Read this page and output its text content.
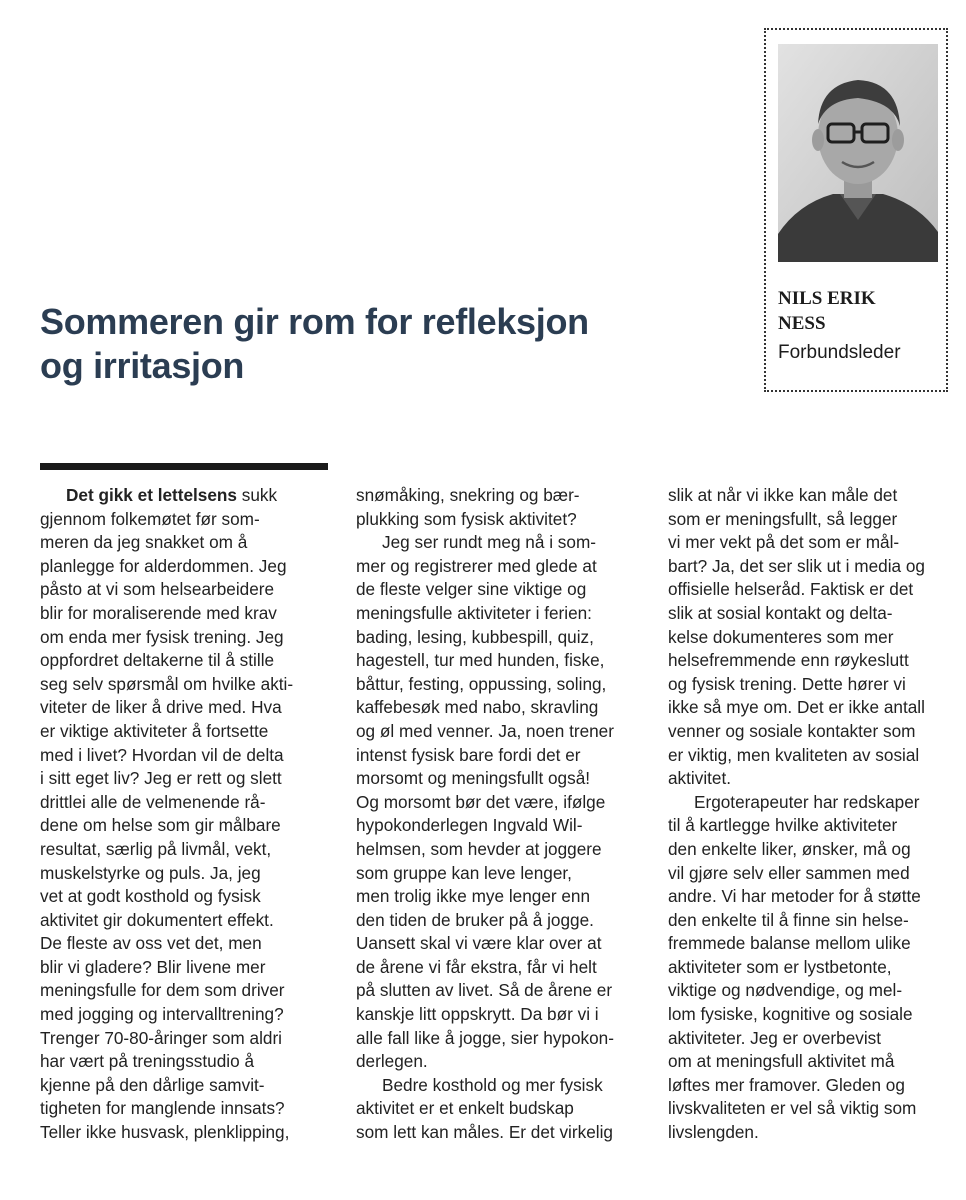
Sommeren gir rom for refleksjon
og irritasjon

NILS ERIK
NESS

Forbundsleder

Det gikk et lettelsens sukk
gjennom folkemøtet før som-
meren da jeg snakket om å
planlegge for alderdommen. Jeg
påsto at vi som helsearbeidere
blir for moraliserende med krav
om enda mer fysisk trening. Jeg
oppfordret deltakerne til å stille
seg selv spørsmål om hvilke akti-
viteter de liker å drive med. Hva
er viktige aktiviteter å fortsette
med i livet? Hvordan vil de delta
i sitt eget liv? Jeg er rett og slett
drittlei alle de velmenende rå-
dene om helse som gir målbare
resultat, særlig på livmål, vekt,
muskelstyrke og puls. Ja, jeg
vet at godt kosthold og fysisk
aktivitet gir dokumentert effekt.
De fleste av oss vet det, men
blir vi gladere? Blir livene mer
meningsfulle for dem som driver
med jogging og intervalltrening?
Trenger 70-80-åringer som aldri
har vært på treningsstudio å
kjenne på den dårlige samvit-
tigheten for manglende innsats?
Teller ikke husvask, plenklipping,

snømåking, snekring og bær-
plukking som fysisk aktivitet?

Jeg ser rundt meg nå i som-
mer og registrerer med glede at
de fleste velger sine viktige og
meningsfulle aktiviteter i ferien:
bading, lesing, kubbespill, quiz,
hagestell, tur med hunden, fiske,
båttur, festing, oppussing, soling,
kaffebesøk med nabo, skravling
og øl med venner. Ja, noen trener
intenst fysisk bare fordi det er
morsomt og meningsfullt også!
Og morsomt bør det være, ifølge
hypokonderlegen Ingvald Wil-
helmsen, som hevder at joggere
som gruppe kan leve lenger,
men trolig ikke mye lenger enn
den tiden de bruker på å jogge.
Uansett skal vi være klar over at
de årene vi får ekstra, får vi helt
på slutten av livet. Så de årene er
kanskje litt oppskrytt. Da bør vi i
alle fall like å jogge, sier hypokon-
derlegen.

Bedre kosthold og mer fysisk
aktivitet er et enkelt budskap
som lett kan måles. Er det virkelig

slik at når vi ikke kan måle det
som er meningsfullt, så legger
vi mer vekt på det som er mål-
bart? Ja, det ser slik ut i media og
offisielle helseråd. Faktisk er det
slik at sosial kontakt og delta-
kelse dokumenteres som mer
helsefremmende enn røykeslutt
og fysisk trening. Dette hører vi
ikke så mye om. Det er ikke antall
venner og sosiale kontakter som
er viktig, men kvaliteten av sosial
aktivitet.

Ergoterapeuter har redskaper
til å kartlegge hvilke aktiviteter
den enkelte liker, ønsker, må og
vil gjøre selv eller sammen med
andre. Vi har metoder for å støtte
den enkelte til å finne sin helse-
fremmede balanse mellom ulike
aktiviteter som er lystbetonte,
viktige og nødvendige, og mel-
lom fysiske, kognitive og sosiale
aktiviteter. Jeg er overbevist
om at meningsfull aktivitet må
løftes mer framover. Gleden og
livskvaliteten er vel så viktig som
livslengden.
